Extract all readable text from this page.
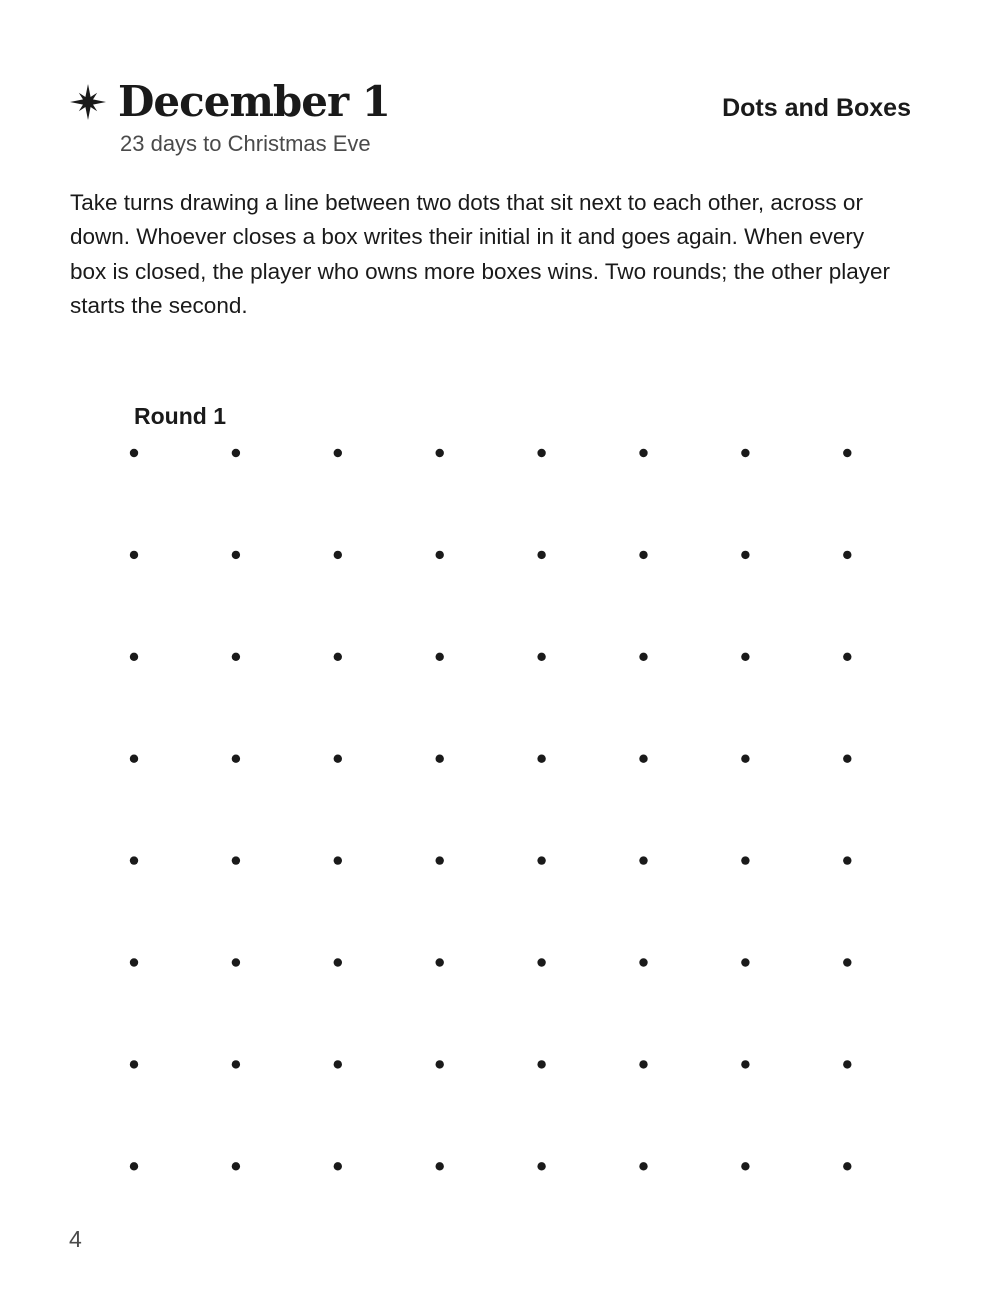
December 1
23 days to Christmas Eve
Dots and Boxes

Take turns drawing a line between two dots that sit next to each other, across or down. Whoever closes a box writes their initial in it and goes again. When every box is closed, the player who owns more boxes wins. Two rounds; the other player starts the second.

Round 1
4
